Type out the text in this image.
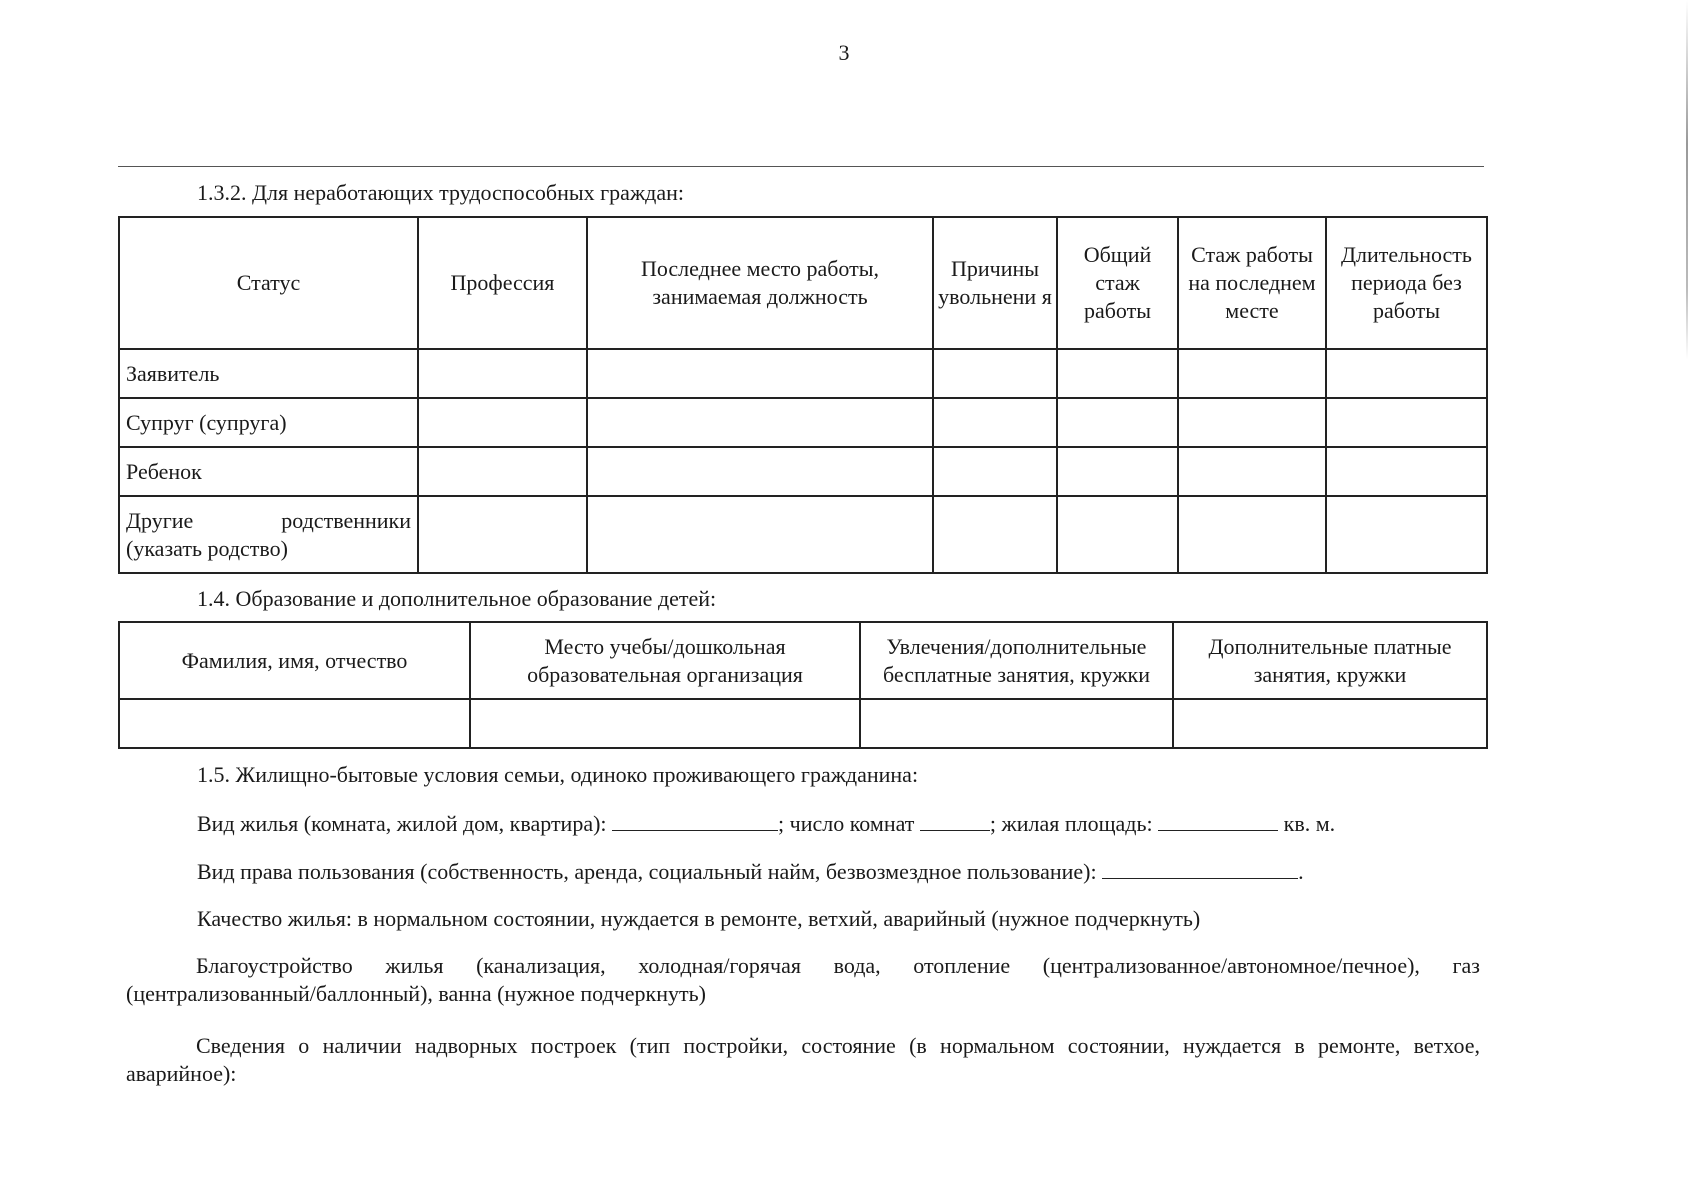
3
1.3.2. Для неработающих трудоспособных граждан:
Статус	Профессия	Последнее место работы, занимаемая должность	Причины увольнени я	Общий стаж работы	Стаж работы на последнем месте	Длительность периода без работы
Заявитель						
Супруг (супруга)						
Ребенок						

Другие родственники
(указать родство)						

1.4. Образование и дополнительное образование детей:
Фамилия, имя, отчество	Место учебы/дошкольная образовательная организация	Увлечения/дополнительные бесплатные занятия, кружки	Дополнительные платные занятия, кружки

1.5. Жилищно-бытовые условия семьи, одиноко проживающего гражданина:
Вид жилья (комната, жилой дом, квартира):	; число комнат	; жилая площадь:	кв. м.
Вид права пользования (собственность, аренда, социальный найм, безвозмездное пользование):	.
Качество жилья: в нормальном состоянии, нуждается в ремонте, ветхий, аварийный (нужное подчеркнуть)
Благоустройство жилья (канализация, холодная/горячая вода, отопление (централизованное/автономное/печное), газ (централизованный/баллонный), ванна (нужное подчеркнуть)
Сведения о наличии надворных построек (тип постройки, состояние (в нормальном состоянии, нуждается в ремонте, ветхое, аварийное):
